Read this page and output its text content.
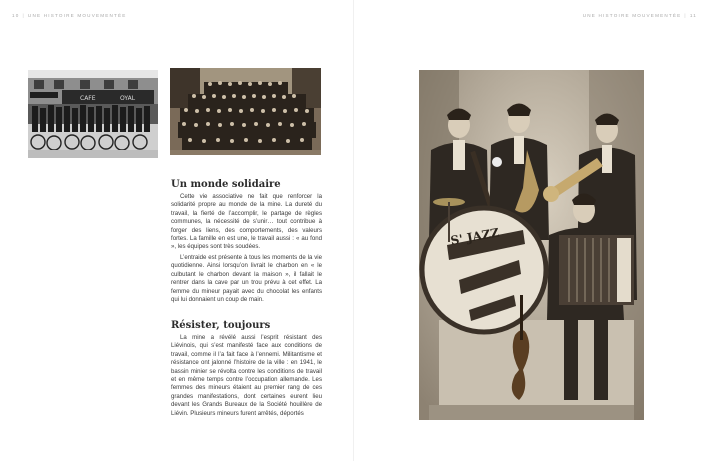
10 | UNE HISTOIRE MOUVEMENTÉE
CAFE	OYAL
Un monde solidaire

Cette vie associative ne fait que renforcer la solidarité propre au monde de la mine. La dureté du travail, la fierté de l’accomplir, le partage de règles communes, la nécessité de s’unir… tout contribue à forger des liens, des comportements, des valeurs fortes. La famille en est une, le travail aussi : « au fond », les équipes sont très soudées.

L’entraide est présente à tous les moments de la vie quotidienne. Ainsi lorsqu’on livrait le charbon en « le culbutant le charbon devant la maison », il fallait le rentrer dans la cave par un trou prévu à cet effet. La femme du mineur payait avec du chocolat les enfants qui lui donnaient un coup de main.

Résister, toujours

La mine a révélé aussi l’esprit résistant des Liévinois, qui s’est manifesté face aux conditions de travail, comme il l’a fait face à l’ennemi. Militantisme et résistance ont jalonné l’histoire de la ville : en 1941, le bassin minier se révolta contre les conditions de travail et en même temps contre l’occupation allemande. Les femmes des mineurs étaient au premier rang de ces grandes manifestations, dont certaines eurent lieu devant les Grands Bureaux de la Société houillère de Liévin. Plusieurs mineurs furent arrêtés, déportés

UNE HISTOIRE MOUVEMENTÉE | 11
S' JAZZ
